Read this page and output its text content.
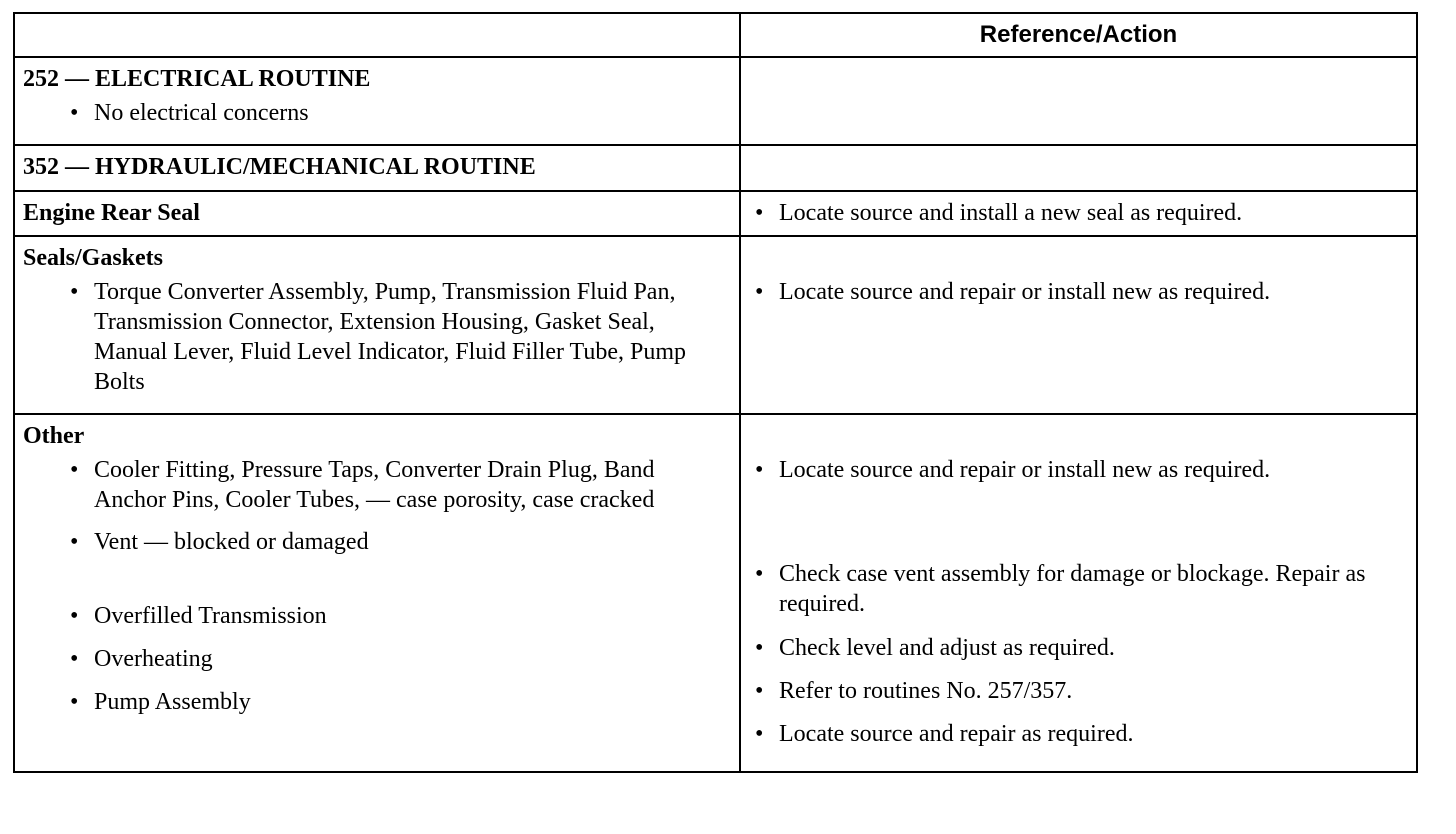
Reference/Action
252 — ELECTRICAL ROUTINE
• No electrical concerns
352 — HYDRAULIC/MECHANICAL ROUTINE
Engine Rear Seal	• Locate source and install a new seal as required.
Seals/Gaskets
• Torque Converter Assembly, Pump, Transmission Fluid Pan, Transmission Connector, Extension Housing, Gasket Seal, Manual Lever, Fluid Level Indicator, Fluid Filler Tube, Pump Bolts
• Locate source and repair or install new as required.
Other
• Cooler Fitting, Pressure Taps, Converter Drain Plug, Band Anchor Pins, Cooler Tubes, — case porosity, case cracked
• Vent — blocked or damaged
• Overfilled Transmission
• Overheating
• Pump Assembly
• Locate source and repair or install new as required.
• Check case vent assembly for damage or blockage. Repair as required.
• Check level and adjust as required.
• Refer to routines No. 257/357.
• Locate source and repair as required.
